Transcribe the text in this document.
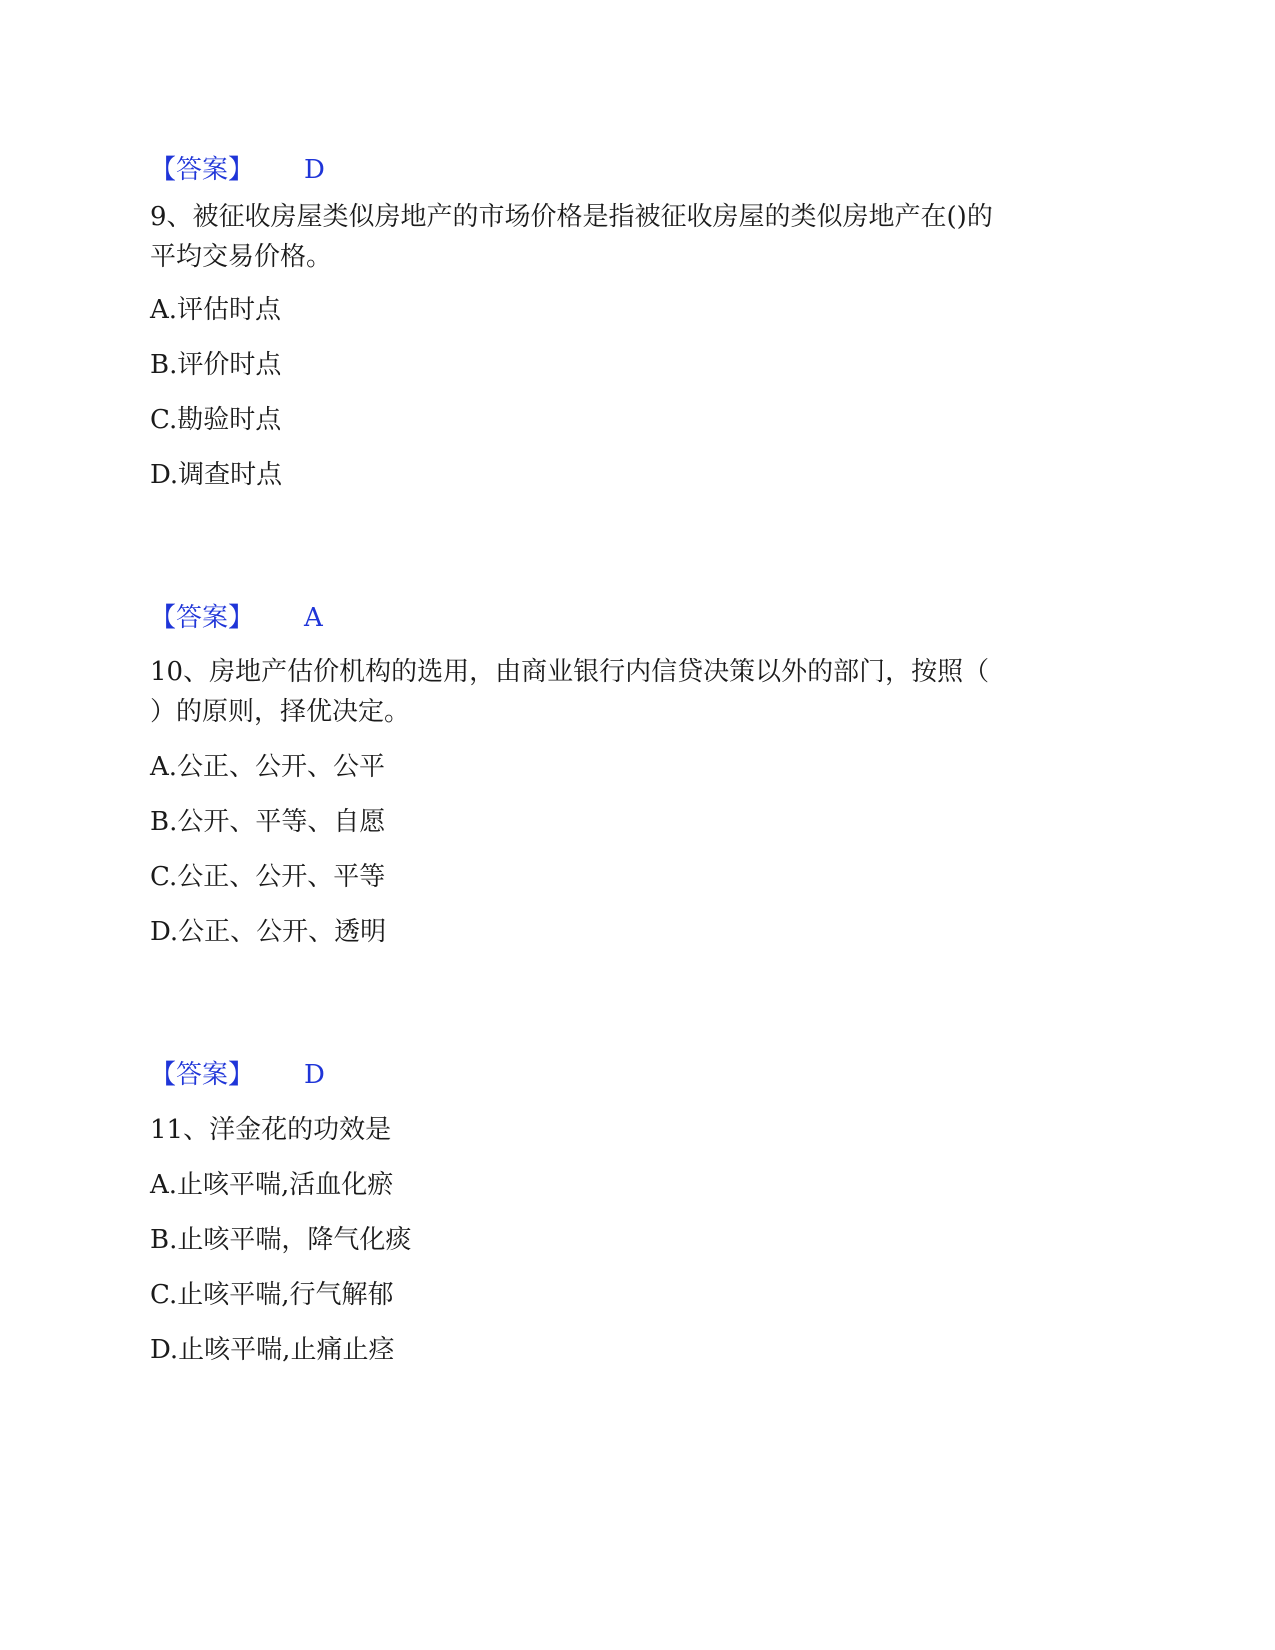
【答案】 D
9、被征收房屋类似房地产的市场价格是指被征收房屋的类似房地产在()的
平均交易价格。
A.评估时点
B.评价时点
C.勘验时点
D.调查时点
【答案】 A
10、房地产估价机构的选用，由商业银行内信贷决策以外的部门，按照（
）的原则，择优决定。
A.公正、公开、公平
B.公开、平等、自愿
C.公正、公开、平等
D.公正、公开、透明
【答案】 D
11、洋金花的功效是
A.止咳平喘,活血化瘀
B.止咳平喘，降气化痰
C.止咳平喘,行气解郁
D.止咳平喘,止痛止痉
